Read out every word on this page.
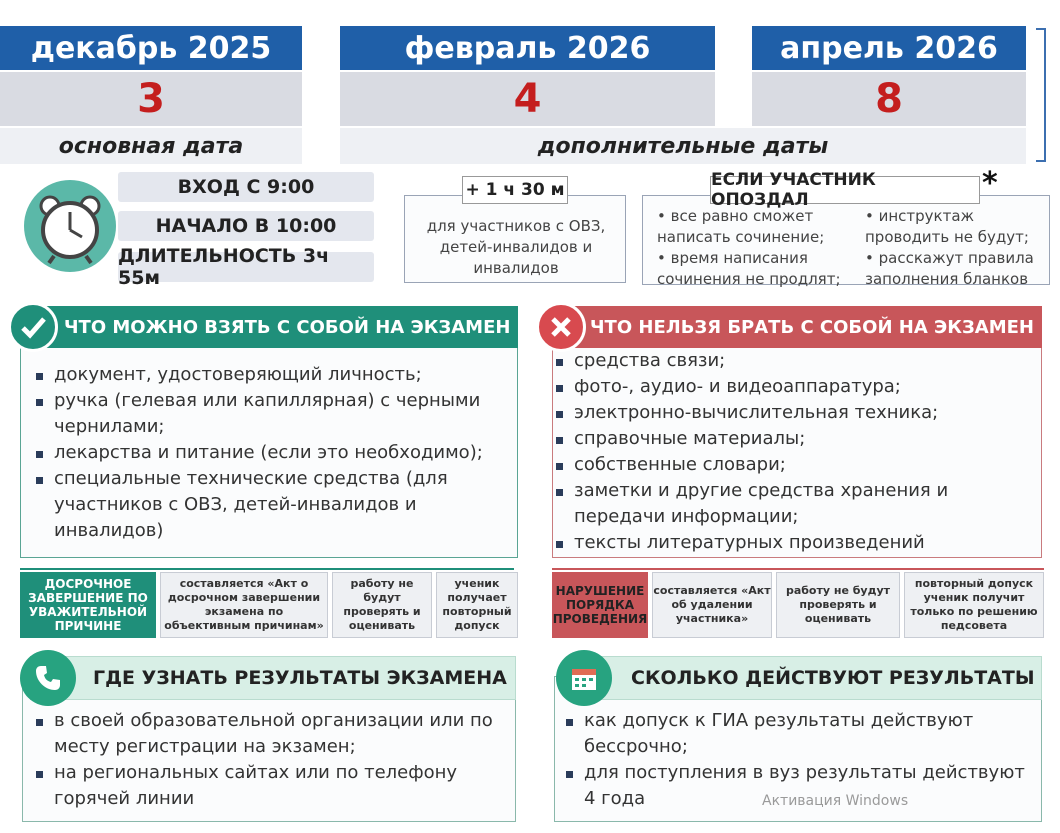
декабрь 2025	февраль 2026	апрель 2026
3	4	8
основная дата	дополнительные даты
ВХОД С 9:00
НАЧАЛО В 10:00
ДЛИТЕЛЬНОСТЬ 3ч 55м
для участников с ОВЗ, детей-инвалидов и инвалидов
+ 1 ч 30 м
• все равно сможет написать сочинение;
• время написания сочинения не продлят;
• инструктаж проводить не будут;
• расскажут правила заполнения бланков
ЕСЛИ УЧАСТНИК ОПОЗДАЛ	*
ЧТО МОЖНО ВЗЯТЬ С СОБОЙ НА ЭКЗАМЕН
документ, удостоверяющий личность;
ручка (гелевая или капиллярная) с черными чернилами;
лекарства и питание (если это необходимо);
специальные технические средства (для участников с ОВЗ, детей-инвалидов и инвалидов)
ЧТО НЕЛЬЗЯ БРАТЬ С СОБОЙ НА ЭКЗАМЕН
средства связи;
фото-, аудио- и видеоаппаратура;
электронно-вычислительная техника;
справочные материалы;
собственные словари;
заметки и другие средства хранения и передачи информации;
тексты литературных произведений
ДОСРОЧНОЕ ЗАВЕРШЕНИЕ ПО УВАЖИТЕЛЬНОЙ ПРИЧИНЕ
составляется «Акт о досрочном завершении экзамена по объективным причинам»
работу не будут проверять и оценивать
ученик получает повторный допуск
НАРУШЕНИЕ ПОРЯДКА ПРОВЕДЕНИЯ
составляется «Акт об удалении участника»
работу не будут проверять и оценивать
повторный допуск ученик получит только по решению педсовета
ГДЕ УЗНАТЬ РЕЗУЛЬТАТЫ ЭКЗАМЕНА
в своей образовательной организации или по месту регистрации на экзамен;
на региональных сайтах или по телефону горячей линии
СКОЛЬКО ДЕЙСТВУЮТ РЕЗУЛЬТАТЫ
как допуск к ГИА результаты действуют бессрочно;
для поступления в вуз результаты действуют 4 года	Активация Windows
